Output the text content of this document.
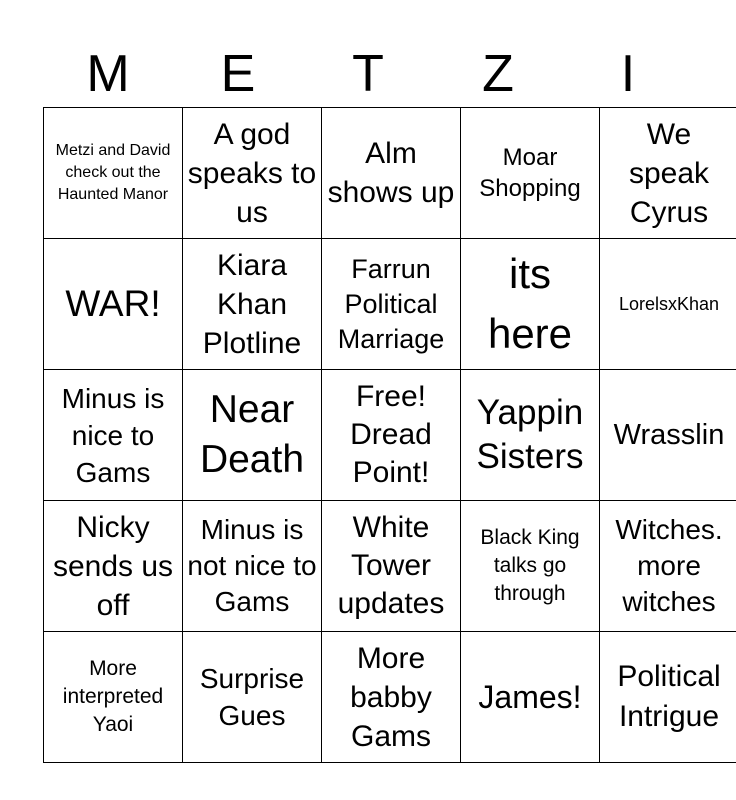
M	E	T	Z	I
Metzi and David check out the Haunted Manor	A god speaks to us	Alm shows up	Moar Shopping	We speak Cyrus
WAR!	Kiara Khan Plotline	Farrun Political Marriage	its here	LorelsxKhan
Minus is nice to Gams	Near Death	Free! Dread Point!	Yappin Sisters	Wrasslin
Nicky sends us off	Minus is not nice to Gams	White Tower updates	Black King talks go through	Witches. more witches
More interpreted Yaoi	Surprise Gues	More babby Gams	James!	Political Intrigue
